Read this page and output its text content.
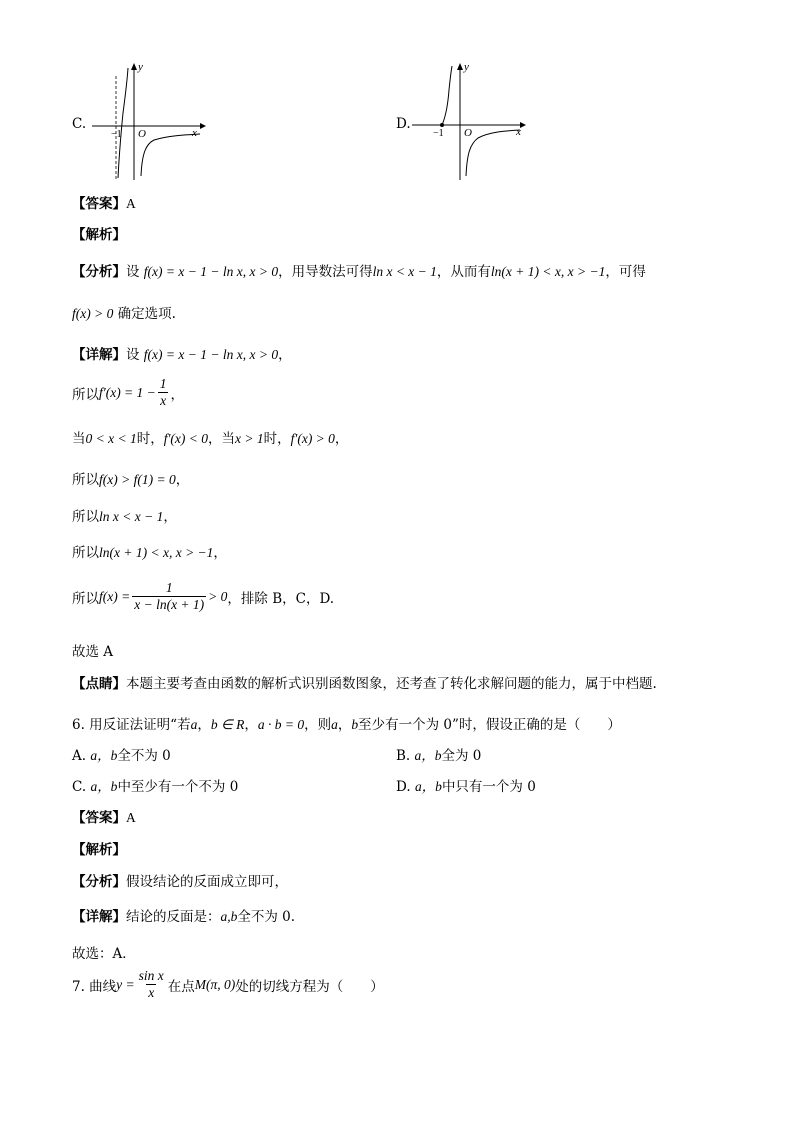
C.
y
x
O
−1
D.
y
x
O
−1
【答案】A
【解析】
【分析】设 f(x) = x − 1 − ln x, x > 0，用导数法可得ln x < x − 1，从而有ln(x + 1) < x, x > −1，可得
f(x) > 0 确定选项.
【详解】设 f(x) = x − 1 − ln x, x > 0，
所以 $f'(x) = 1 - \frac{1}{x}$ ，
当0 < x < 1时，f′(x) < 0，当x > 1时，f′(x) > 0，
所以f(x) > f(1) = 0，
所以ln x < x − 1，
所以ln(x + 1) < x, x > −1，
所以 $f(x) = \frac{1}{x - \ln(x + 1)} > 0$ ，排除 B，C，D.
故选 A
【点睛】本题主要考查由函数的解析式识别函数图象，还考查了转化求解问题的能力，属于中档题.
6. 用反证法证明“若a，b ∈ R，a · b = 0，则a，b至少有一个为 0”时，假设正确的是（　　）
A. a，b全不为 0	B. a，b全为 0
C. a，b中至少有一个不为 0	D. a，b中只有一个为 0
【答案】A
【解析】
【分析】假设结论的反面成立即可，
【详解】结论的反面是：a,b全不为 0.
故选：A．
7. 曲线 $y = \frac{\text{sin x}}{x}$ 在点 M(π, 0) 处的切线方程为（　　）
